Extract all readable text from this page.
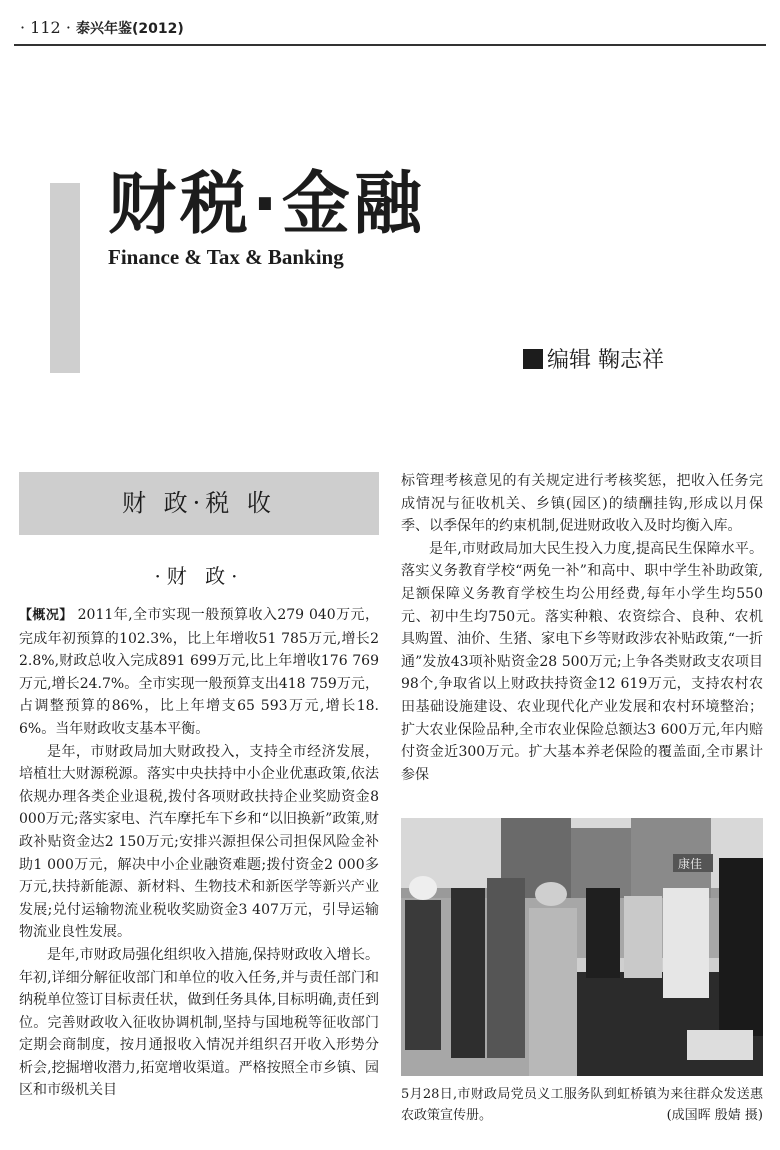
· 112 · 泰兴年鉴(2012)
财税·金融
Finance & Tax & Banking
编辑 鞠志祥
财 政·税 收
·财 政·

【概况】 2011年,全市实现一般预算收入279 040万元，完成年初预算的102.3%，比上年增收51 785万元,增长22.8%,财政总收入完成891 699万元,比上年增收176 769万元,增长24.7%。全市实现一般预算支出418 759万元，占调整预算的86%，比上年增支65 593万元,增长18.6%。当年财政收支基本平衡。

是年，市财政局加大财政投入，支持全市经济发展，培植壮大财源税源。落实中央扶持中小企业优惠政策,依法依规办理各类企业退税,拨付各项财政扶持企业奖励资金8 000万元;落实家电、汽车摩托车下乡和“以旧换新”政策,财政补贴资金达2 150万元;安排兴源担保公司担保风险金补助1 000万元，解决中小企业融资难题;拨付资金2 000多万元,扶持新能源、新材料、生物技术和新医学等新兴产业发展;兑付运输物流业税收奖励资金3 407万元，引导运输物流业良性发展。

是年,市财政局强化组织收入措施,保持财政收入增长。年初,详细分解征收部门和单位的收入任务,并与责任部门和纳税单位签订目标责任状，做到任务具体,目标明确,责任到位。完善财政收入征收协调机制,坚持与国地税等征收部门定期会商制度，按月通报收入情况并组织召开收入形势分析会,挖掘增收潜力,拓宽增收渠道。严格按照全市乡镇、园区和市级机关目

标管理考核意见的有关规定进行考核奖惩，把收入任务完成情况与征收机关、乡镇(园区)的绩酬挂钩,形成以月保季、以季保年的约束机制,促进财政收入及时均衡入库。

是年,市财政局加大民生投入力度,提高民生保障水平。落实义务教育学校“两免一补”和高中、职中学生补助政策,足额保障义务教育学校生均公用经费,每年小学生均550元、初中生均750元。落实种粮、农资综合、良种、农机具购置、油价、生猪、家电下乡等财政涉农补贴政策,“一折通”发放43项补贴资金28 500万元;上争各类财政支农项目98个,争取省以上财政扶持资金12 619万元，支持农村农田基础设施建设、农业现代化产业发展和农村环境整治；扩大农业保险品种,全市农业保险总额达3 600万元,年内赔付资金近300万元。扩大基本养老保险的覆盖面,全市累计参保

康佳
5月28日,市财政局党员义工服务队到虹桥镇为来往群众发送惠农政策宣传册。	(成国晖 殷婧 摄)
